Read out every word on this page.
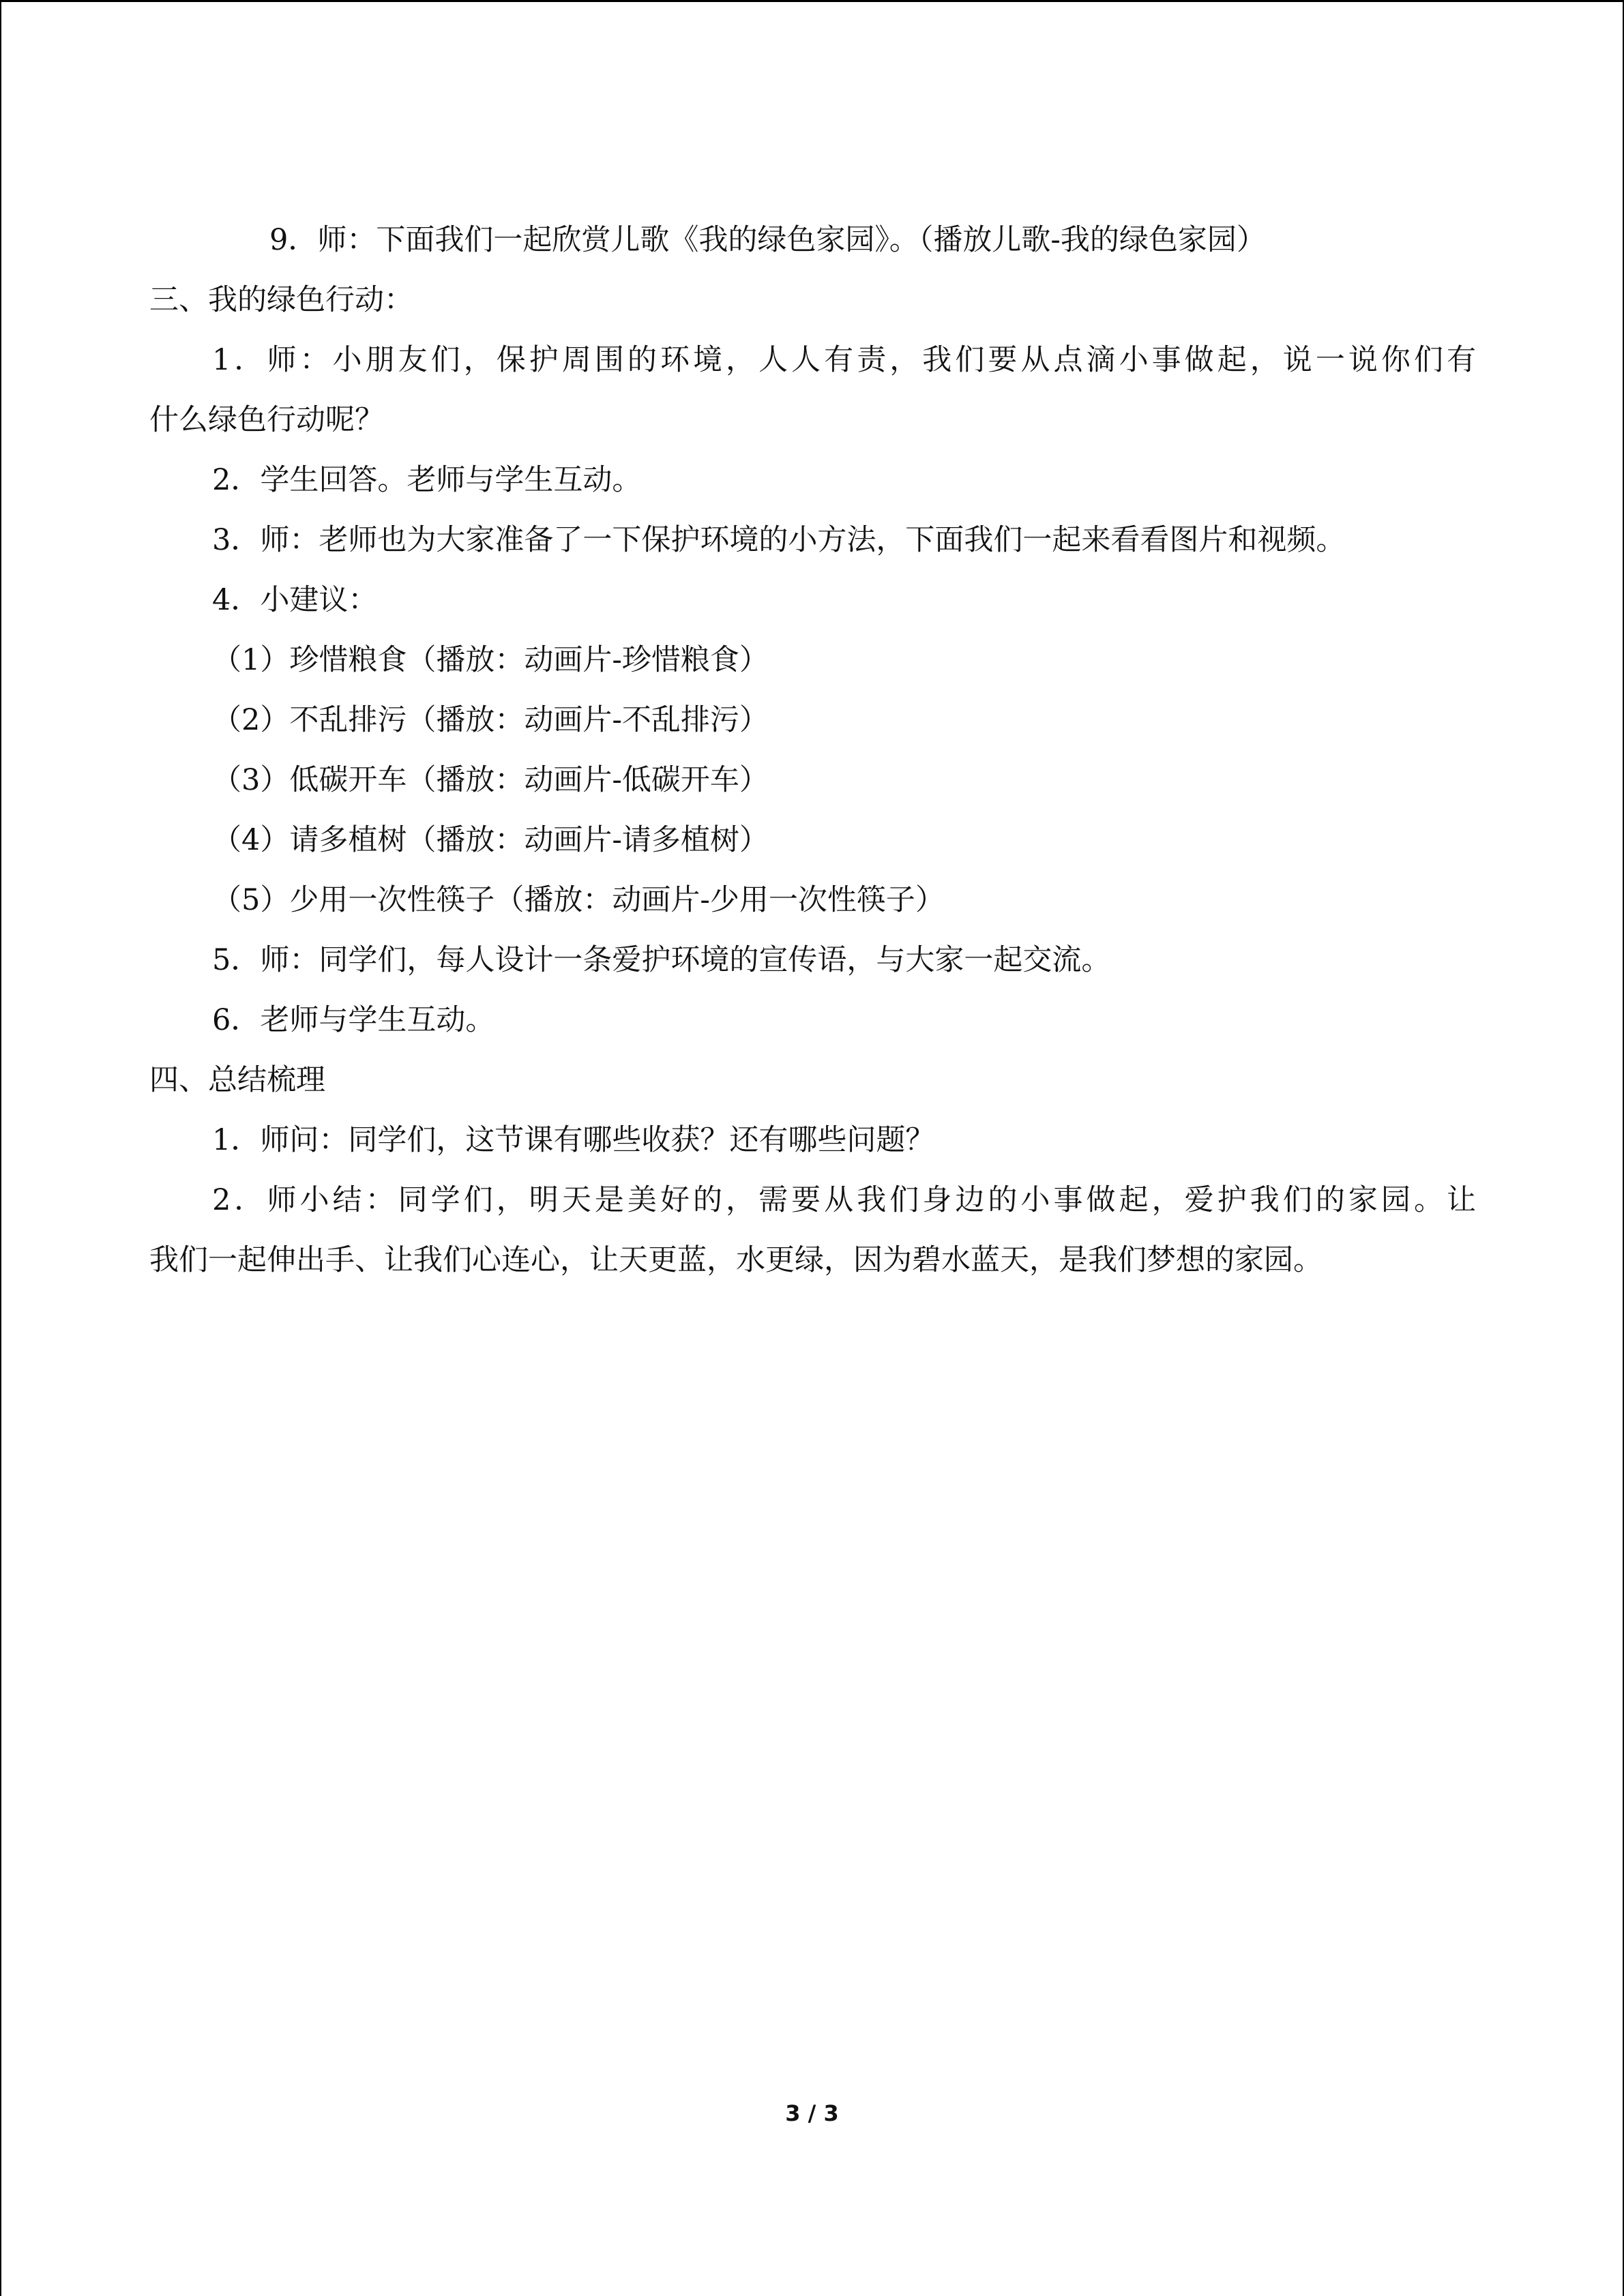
9．师：下面我们一起欣赏儿歌《我的绿色家园》。（播放儿歌-我的绿色家园）
三、我的绿色行动：
1．师：小朋友们，保护周围的环境，人人有责，我们要从点滴小事做起，说一说你们有
什么绿色行动呢？
2．学生回答。老师与学生互动。
3．师：老师也为大家准备了一下保护环境的小方法，下面我们一起来看看图片和视频。
4．小建议：
（1）珍惜粮食（播放：动画片-珍惜粮食）
（2）不乱排污（播放：动画片-不乱排污）
（3）低碳开车（播放：动画片-低碳开车）
（4）请多植树（播放：动画片-请多植树）
（5）少用一次性筷子（播放：动画片-少用一次性筷子）
5．师：同学们，每人设计一条爱护环境的宣传语，与大家一起交流。
6．老师与学生互动。
四、总结梳理
1．师问：同学们，这节课有哪些收获？还有哪些问题？
2．师小结：同学们，明天是美好的，需要从我们身边的小事做起，爱护我们的家园。让
我们一起伸出手、让我们心连心，让天更蓝，水更绿，因为碧水蓝天，是我们梦想的家园。
3 / 3
